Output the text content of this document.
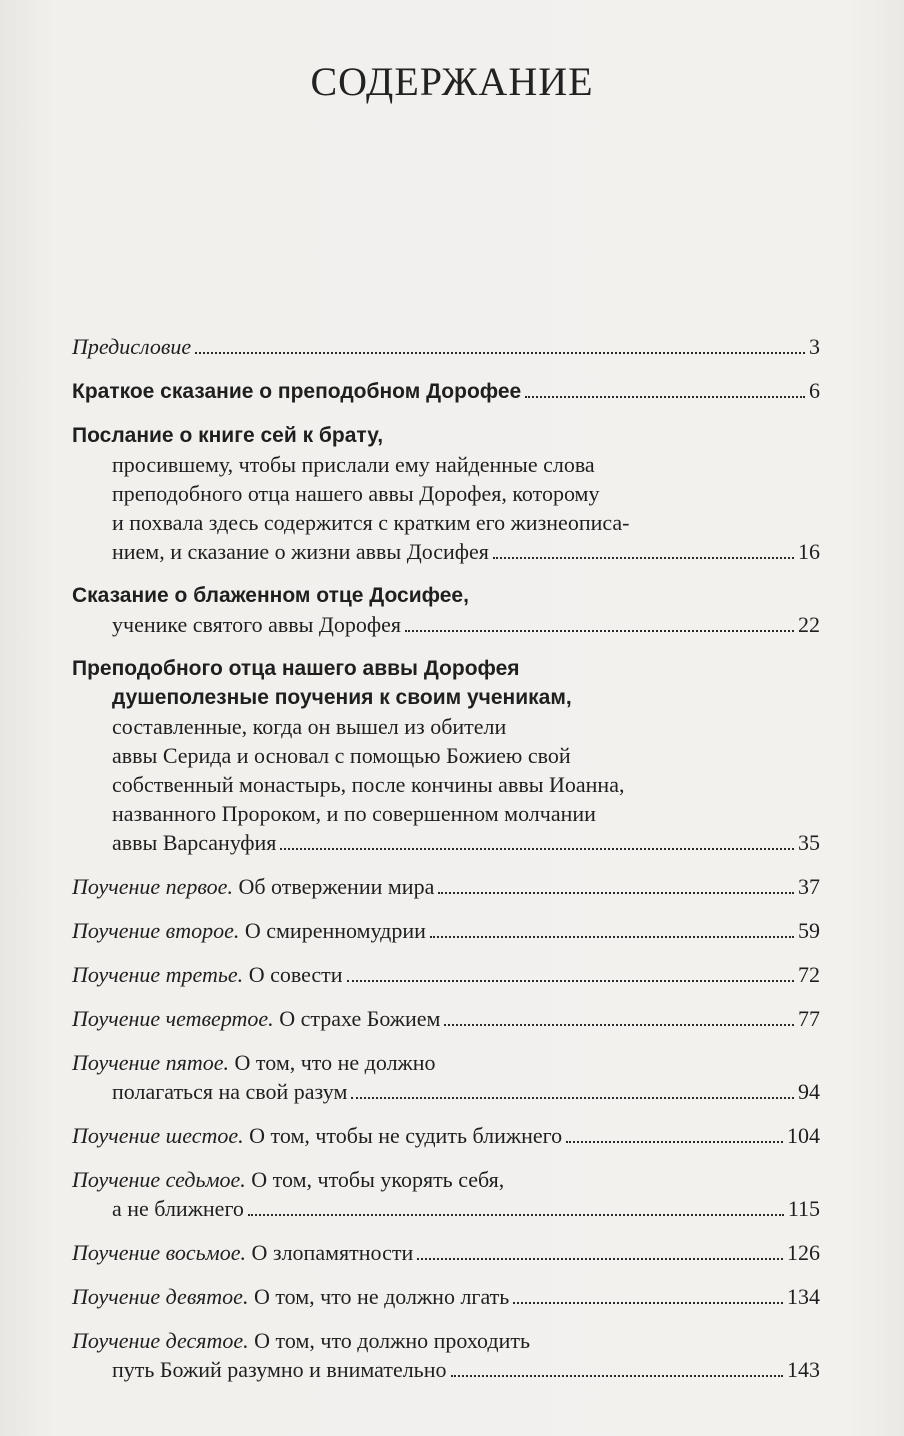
СОДЕРЖАНИЕ
Предисловие	3
Краткое сказание о преподобном Дорофее	6
Послание о книге сей к брату,
просившему, чтобы прислали ему найденные слова
преподобного отца нашего аввы Дорофея, которому
и похвала здесь содержится с кратким его жизнеописа-
нием, и сказание о жизни аввы Досифея	16
Сказание о блаженном отце Досифее,
ученике святого аввы Дорофея	22
Преподобного отца нашего аввы Дорофея
душеполезные поучения к своим ученикам,
составленные, когда он вышел из обители
аввы Серида и основал с помощью Божиею свой
собственный монастырь, после кончины аввы Иоанна,
названного Пророком, и по совершенном молчании
аввы Варсануфия	35
Поучение первое. Об отвержении мира	37
Поучение второе. О смиренномудрии	59
Поучение третье. О совести	72
Поучение четвертое. О страхе Божием	77
Поучение пятое. О том, что не должно
полагаться на свой разум	94
Поучение шестое. О том, чтобы не судить ближнего	104
Поучение седьмое. О том, чтобы укорять себя,
а не ближнего	115
Поучение восьмое. О злопамятности	126
Поучение девятое. О том, что не должно лгать	134
Поучение десятое. О том, что должно проходить
путь Божий разумно и внимательно	143
